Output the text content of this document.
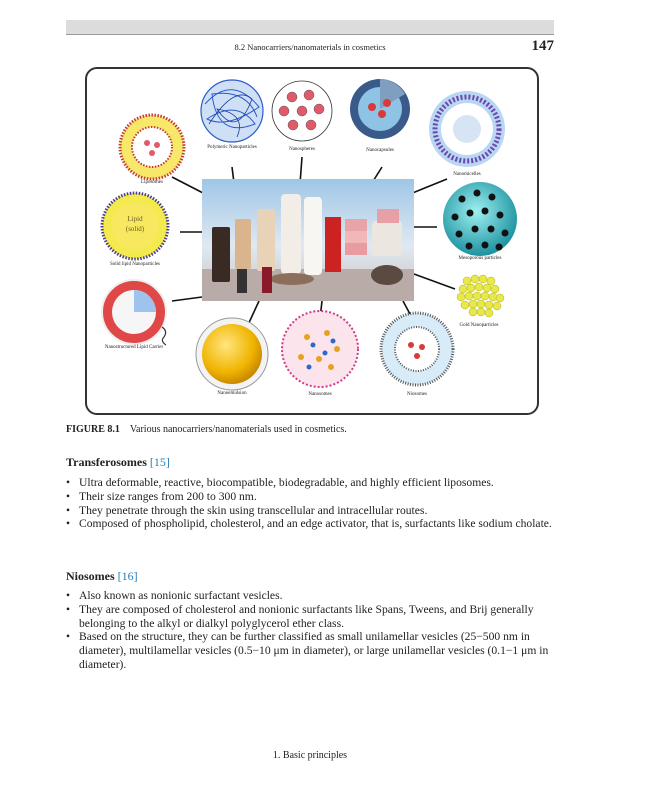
8.2 Nanocarriers/nanomaterials in cosmetics	147
Lipid
(solid)
Polymeric Nanoparticles	Nanospheres	Nanocapsules
Liposomes
Nanomicelles
Solid lipid Nanoparticles
Mesoporous particles
Gold Nanoparticles
Nanostructured Lipid Carrier
Nanoemulsion	Nanosomes	Niosomes
FIGURE 8.1 Various nanocarriers/nanomaterials used in cosmetics.
Transferosomes [15]
• Ultra deformable, reactive, biocompatible, biodegradable, and highly efficient liposomes.
• Their size ranges from 200 to 300 nm.
• They penetrate through the skin using transcellular and intracellular routes.
• Composed of phospholipid, cholesterol, and an edge activator, that is, surfactants like sodium cholate.
Niosomes [16]
• Also known as nonionic surfactant vesicles.
• They are composed of cholesterol and nonionic surfactants like Spans, Tweens, and Brij generally belonging to the alkyl or dialkyl polyglycerol ether class.
• Based on the structure, they can be further classified as small unilamellar vesicles (25−500 nm in diameter), multilamellar vesicles (0.5−10 μm in diameter), or large unilamellar vesicles (0.1−1 μm in diameter).
1. Basic principles
